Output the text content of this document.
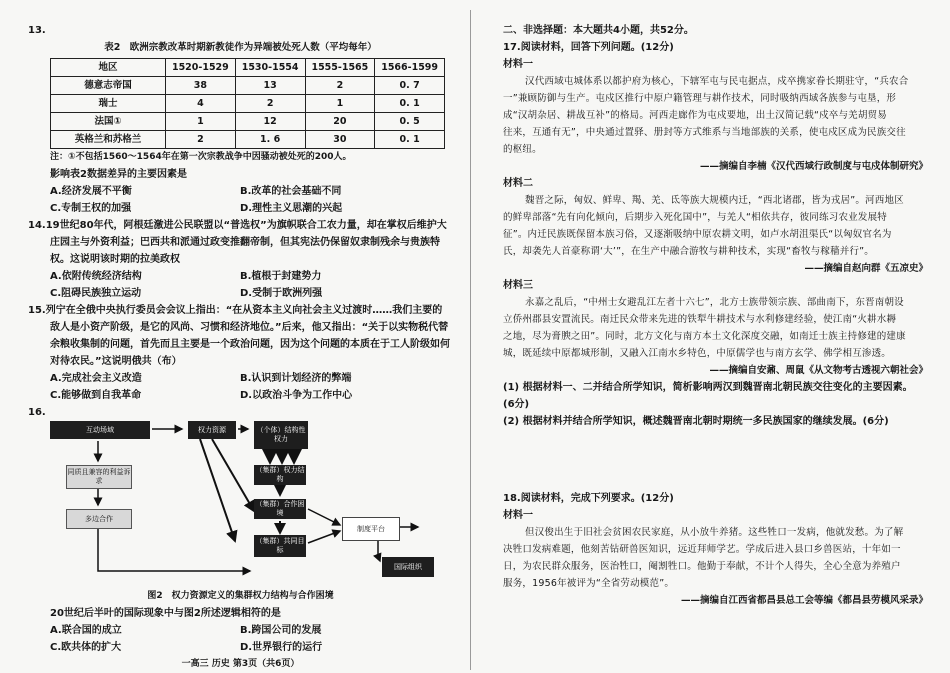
13.
表2　欧洲宗教改革时期新教徒作为异端被处死人数（平均每年）
地区	1520-1529	1530-1554	1555-1565	1566-1599
德意志帝国	38	13	2	0. 7
瑞士	4	2	1	0. 1
法国①	1	12	20	0. 5
英格兰和苏格兰	2	1. 6	30	0. 1
注：①不包括1560～1564年在第一次宗教战争中因骚动被处死的200人。
影响表2数据差异的主要因素是
A.经济发展不平衡	B.改革的社会基础不同
C.专制王权的加强	D.理性主义思潮的兴起
14.19世纪80年代，阿根廷激进公民联盟以“普选权”为旗帜联合工农力量，却在掌权后维护大
庄园主与外资利益；巴西共和派通过政变推翻帝制，但其宪法仍保留奴隶制残余与贵族特
权。这说明该时期的拉美政权
A.依附传统经济结构	B.植根于封建势力
C.阻碍民族独立运动	D.受制于欧洲列强
15.列宁在全俄中央执行委员会会议上指出：“在从资本主义向社会主义过渡时……我们主要的
敌人是小资产阶级，是它的风尚、习惯和经济地位。”后来，他又指出：“关于以实物税代替
余粮收集制的问题，首先而且主要是一个政治问题，因为这个问题的本质在于工人阶级如何
对待农民。”这说明俄共（布）
A.完成社会主义改造	B.认识到计划经济的弊端
C.能够做到自我革命	D.以政治斗争为工作中心
16.
互动场域	权力资源	（个体）结构性权力
同质且兼容的利益诉求
多边合作
（集群）权力结构
（集群）合作困境
（集群）共同目标
制度平台
国际组织
图2　权力资源定义的集群权力结构与合作困境
20世纪后半叶的国际现象中与图2所述逻辑相符的是
A.联合国的成立	B.跨国公司的发展
C.欧共体的扩大	D.世界银行的运行
一高三 历史 第3页（共6页）
二、非选择题：本大题共4小题，共52分。
17.阅读材料，回答下列问题。(12分)
材料一
汉代西域屯城体系以都护府为核心，下辖军屯与民屯据点，戍卒携家眷长期驻守，“兵农合
一”兼顾防御与生产。屯戍区推行中原户籍管理与耕作技术，同时吸纳西域各族参与屯垦，形
成“汉胡杂居、耕战互补”的格局。河西走廊作为屯戍要地，出土汉简记载“戍卒与羌胡贸易
往来，互通有无”，中央通过置驿、册封等方式维系与当地部族的关系，使屯戍区成为民族交往
的枢纽。
——摘编自李楠《汉代西域行政制度与屯戍体制研究》
材料二
魏晋之际，匈奴、鲜卑、羯、羌、氐等族大规模内迁，“西北诸郡，皆为戎居”。河西地区
的鲜卑部落“先有向化倾向，后期步入死化国中”，与羌人“相依共存，彼同练习农业发展特
征”。内迁民族既保留本族习俗，又逐渐吸纳中原农耕文明，如卢水胡沮渠氏“以匈奴官名为
氏，却袭先人首豪称谓‘大’”，在生产中融合游牧与耕种技术，实现“畜牧与稼穑并行”。
——摘编自赵向群《五凉史》
材料三
永嘉之乱后，“中州士女避乱江左者十六七”，北方士族带领宗族、部曲南下，东晋南朝设
立侨州郡县安置流民。南迁民众带来先进的铁犁牛耕技术与水利修建经验，使江南“火耕水耨
之地，尽为膏腴之田”。同时，北方文化与南方本土文化深度交融，如南迁士族主持修建的建康
城，既延续中原都城形制，又融入江南水乡特色，中原儒学也与南方玄学、佛学相互渗透。
——摘编自安鼐、周鼠《从文物考古透视六朝社会》
(1) 根据材料一、二并结合所学知识，简析影响两汉到魏晋南北朝民族交往变化的主要因素。
(6分)
(2) 根据材料并结合所学知识，概述魏晋南北朝时期统一多民族国家的继续发展。(6分)
18.阅读材料，完成下列要求。(12分)
材料一
但汉俊出生于旧社会贫困农民家庭，从小放牛养猪。这些牲口一发病，他就发愁。为了解
决牲口发病难题，他刻苦钻研兽医知识，远近拜师学艺。学成后进入县口乡兽医站，十年如一
日，为农民群众服务，医治牲口，阉割牲口。他勤于奉献，不计个人得失，全心全意为养殖户
服务，1956年被评为“全省劳动模范”。
——摘编自江西省都昌县总工会等编《都昌县劳模风采录》
